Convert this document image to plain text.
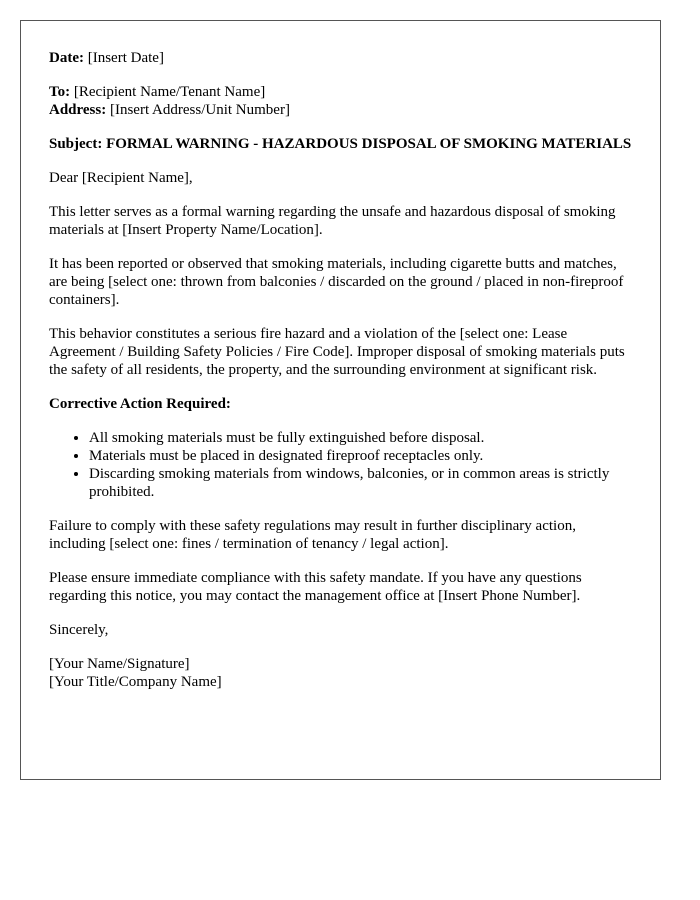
Date: [Insert Date]

To: [Recipient Name/Tenant Name]

Address: [Insert Address/Unit Number]

Subject: FORMAL WARNING - HAZARDOUS DISPOSAL OF SMOKING MATERIALS

Dear [Recipient Name],

This letter serves as a formal warning regarding the unsafe and hazardous disposal of smoking materials at [Insert Property Name/Location].

It has been reported or observed that smoking materials, including cigarette butts and matches, are being [select one: thrown from balconies / discarded on the ground / placed in non-fireproof containers].

This behavior constitutes a serious fire hazard and a violation of the [select one: Lease Agreement / Building Safety Policies / Fire Code]. Improper disposal of smoking materials puts the safety of all residents, the property, and the surrounding environment at significant risk.

Corrective Action Required:

• All smoking materials must be fully extinguished before disposal.
• Materials must be placed in designated fireproof receptacles only.
• Discarding smoking materials from windows, balconies, or in common areas is strictly prohibited.

Failure to comply with these safety regulations may result in further disciplinary action, including [select one: fines / termination of tenancy / legal action].

Please ensure immediate compliance with this safety mandate. If you have any questions regarding this notice, you may contact the management office at [Insert Phone Number].

Sincerely,

[Your Name/Signature]

[Your Title/Company Name]
